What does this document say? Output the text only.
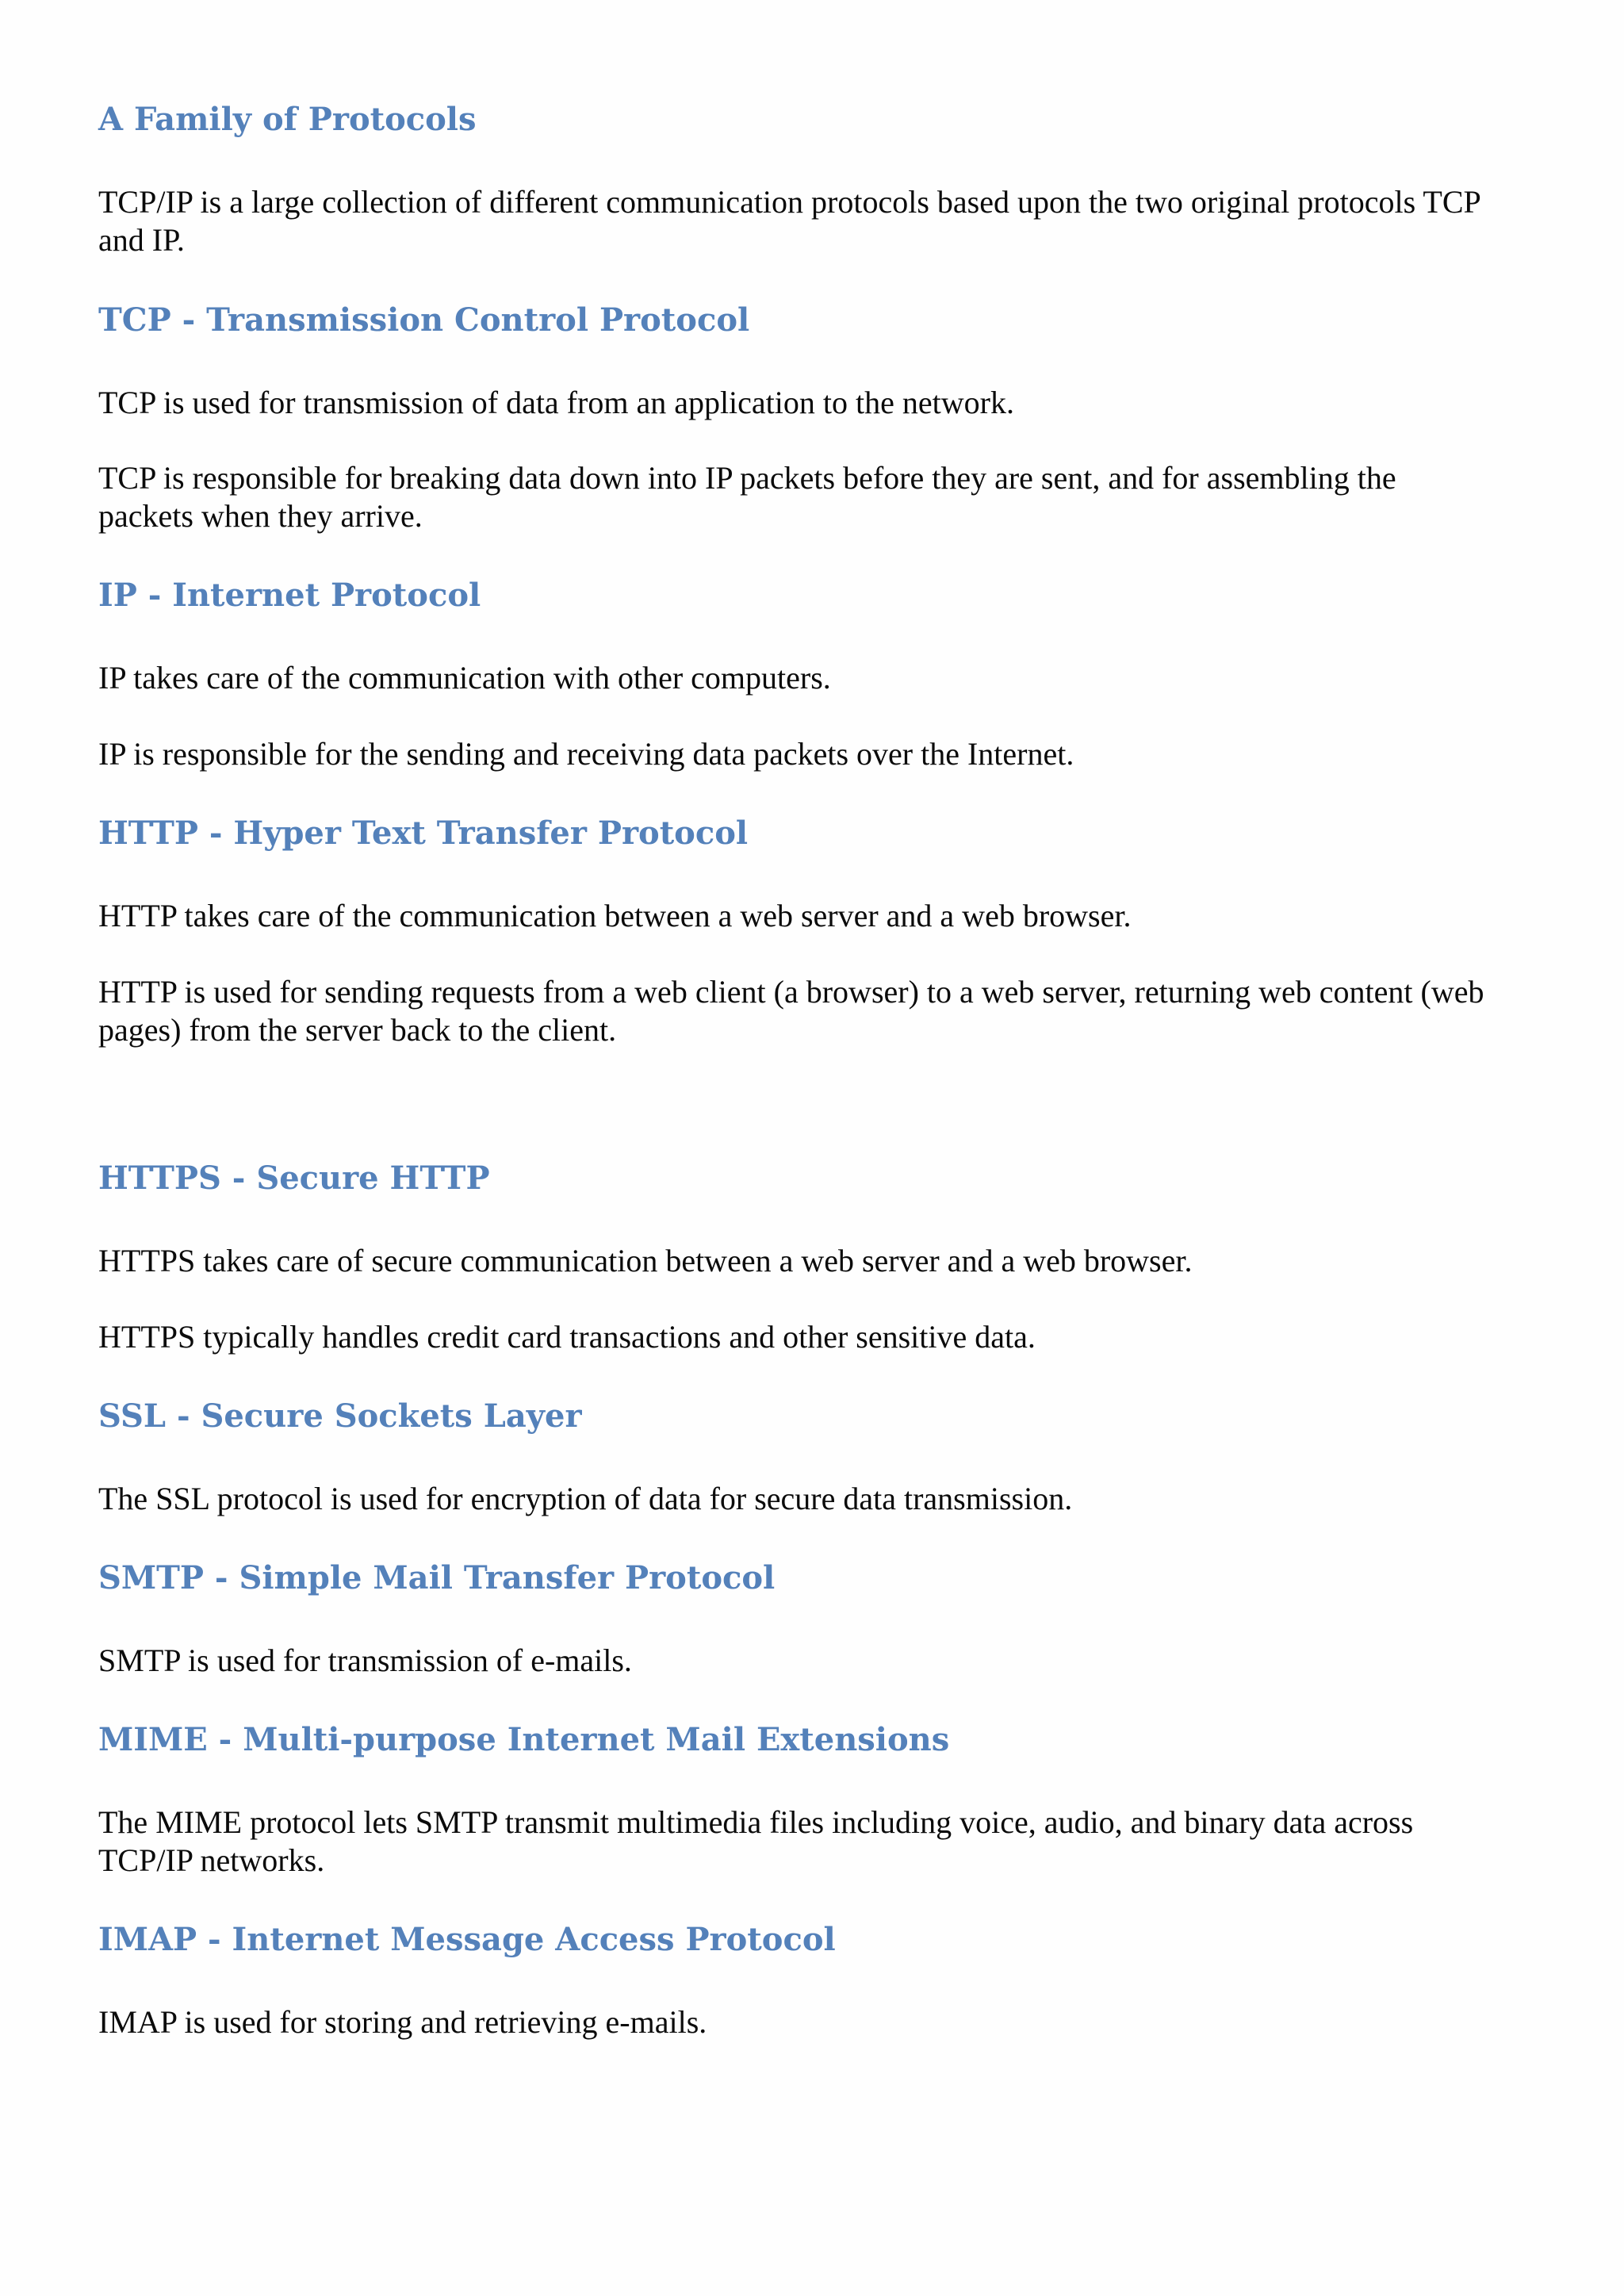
A Family of Protocols

TCP/IP is a large collection of different communication protocols based upon the two original protocols TCP and IP.

TCP - Transmission Control Protocol

TCP is used for transmission of data from an application to the network.

TCP is responsible for breaking data down into IP packets before they are sent, and for assembling the packets when they arrive.

IP - Internet Protocol

IP takes care of the communication with other computers.

IP is responsible for the sending and receiving data packets over the Internet.

HTTP - Hyper Text Transfer Protocol

HTTP takes care of the communication between a web server and a web browser.

HTTP is used for sending requests from a web client (a browser) to a web server, returning web content (web pages) from the server back to the client.

HTTPS - Secure HTTP

HTTPS takes care of secure communication between a web server and a web browser.

HTTPS typically handles credit card transactions and other sensitive data.

SSL - Secure Sockets Layer

The SSL protocol is used for encryption of data for secure data transmission.

SMTP - Simple Mail Transfer Protocol

SMTP is used for transmission of e-mails.

MIME - Multi-purpose Internet Mail Extensions

The MIME protocol lets SMTP transmit multimedia files including voice, audio, and binary data across TCP/IP networks.

IMAP - Internet Message Access Protocol

IMAP is used for storing and retrieving e-mails.
